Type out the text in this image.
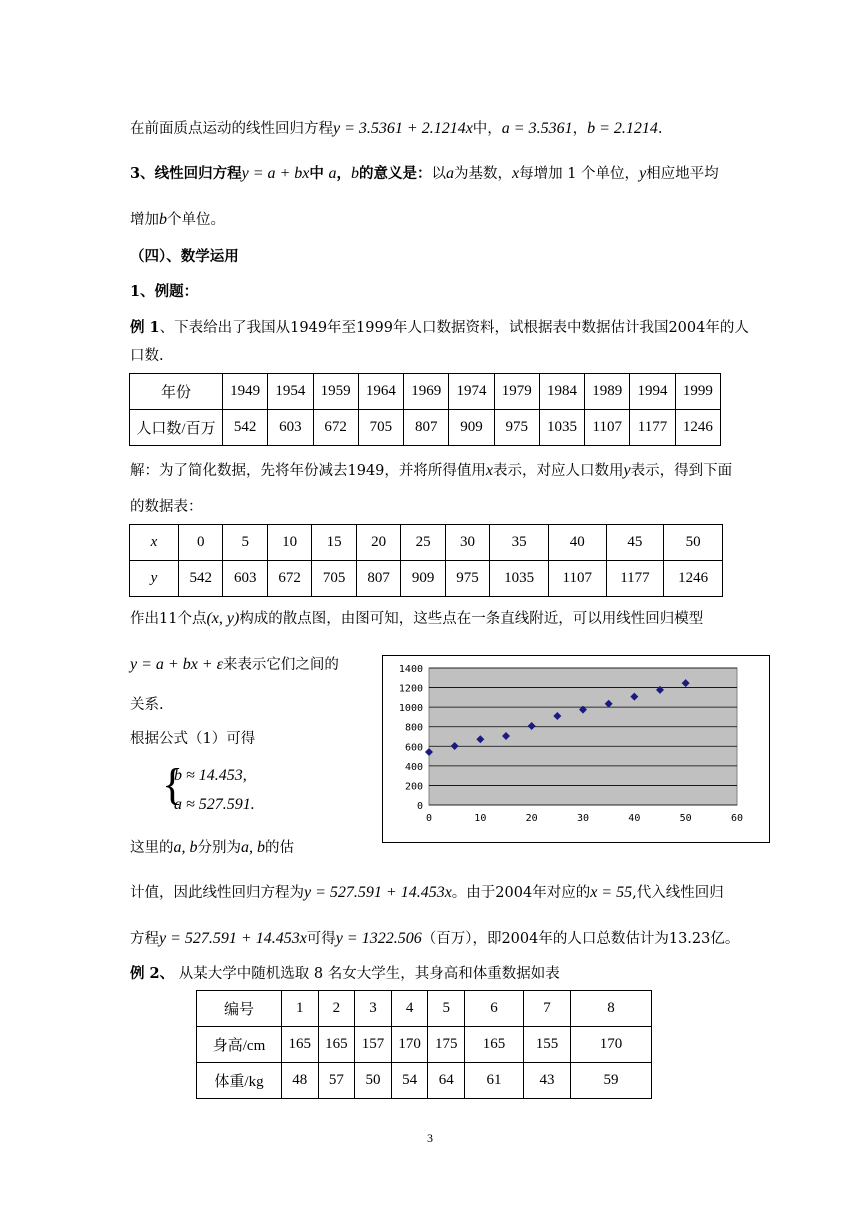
在前面质点运动的线性回归方程y = 3.5361 + 2.1214x中，a = 3.5361，b = 2.1214.
3、线性回归方程y = a + bx中 a，b的意义是：以a为基数，x每增加 1 个单位，y相应地平均
增加b个单位。
（四）、数学运用
1、例题：
例 1、下表给出了我国从1949年至1999年人口数据资料，试根据表中数据估计我国2004年的人
口数.
年份	1949	1954	1959	1964	1969	1974	1979	1984	1989	1994	1999
人口数/百万	542	603	672	705	807	909	975	1035	1107	1177	1246
解：为了简化数据，先将年份减去1949，并将所得值用x表示，对应人口数用y表示，得到下面
的数据表：
x	0	5	10	15	20	25	30	35	40	45	50
y	542	603	672	705	807	909	975	1035	1107	1177	1246
作出11个点(x, y)构成的散点图，由图可知，这些点在一条直线附近，可以用线性回归模型
y = a + bx + ε来表示它们之间的
关系.
根据公式（1）可得
{
b ≈ 14.453,
a ≈ 527.591.
这里的a, b分别为a, b的估
计值，因此线性回归方程为y = 527.591 + 14.453x。由于2004年对应的x = 55,代入线性回归
方程y = 527.591 + 14.453x可得y = 1322.506（百万），即2004年的人口总数估计为13.23亿。
例 2、 从某大学中随机选取 8 名女大学生，其身高和体重数据如表
编号	1	2	3	4	5	6	7	8
身高/cm	165	165	157	170	175	165	155	170
体重/kg	48	57	50	54	64	61	43	59
0
200
400
600
800
1000
1200
1400
0	10	20	30	40	50	60
3
